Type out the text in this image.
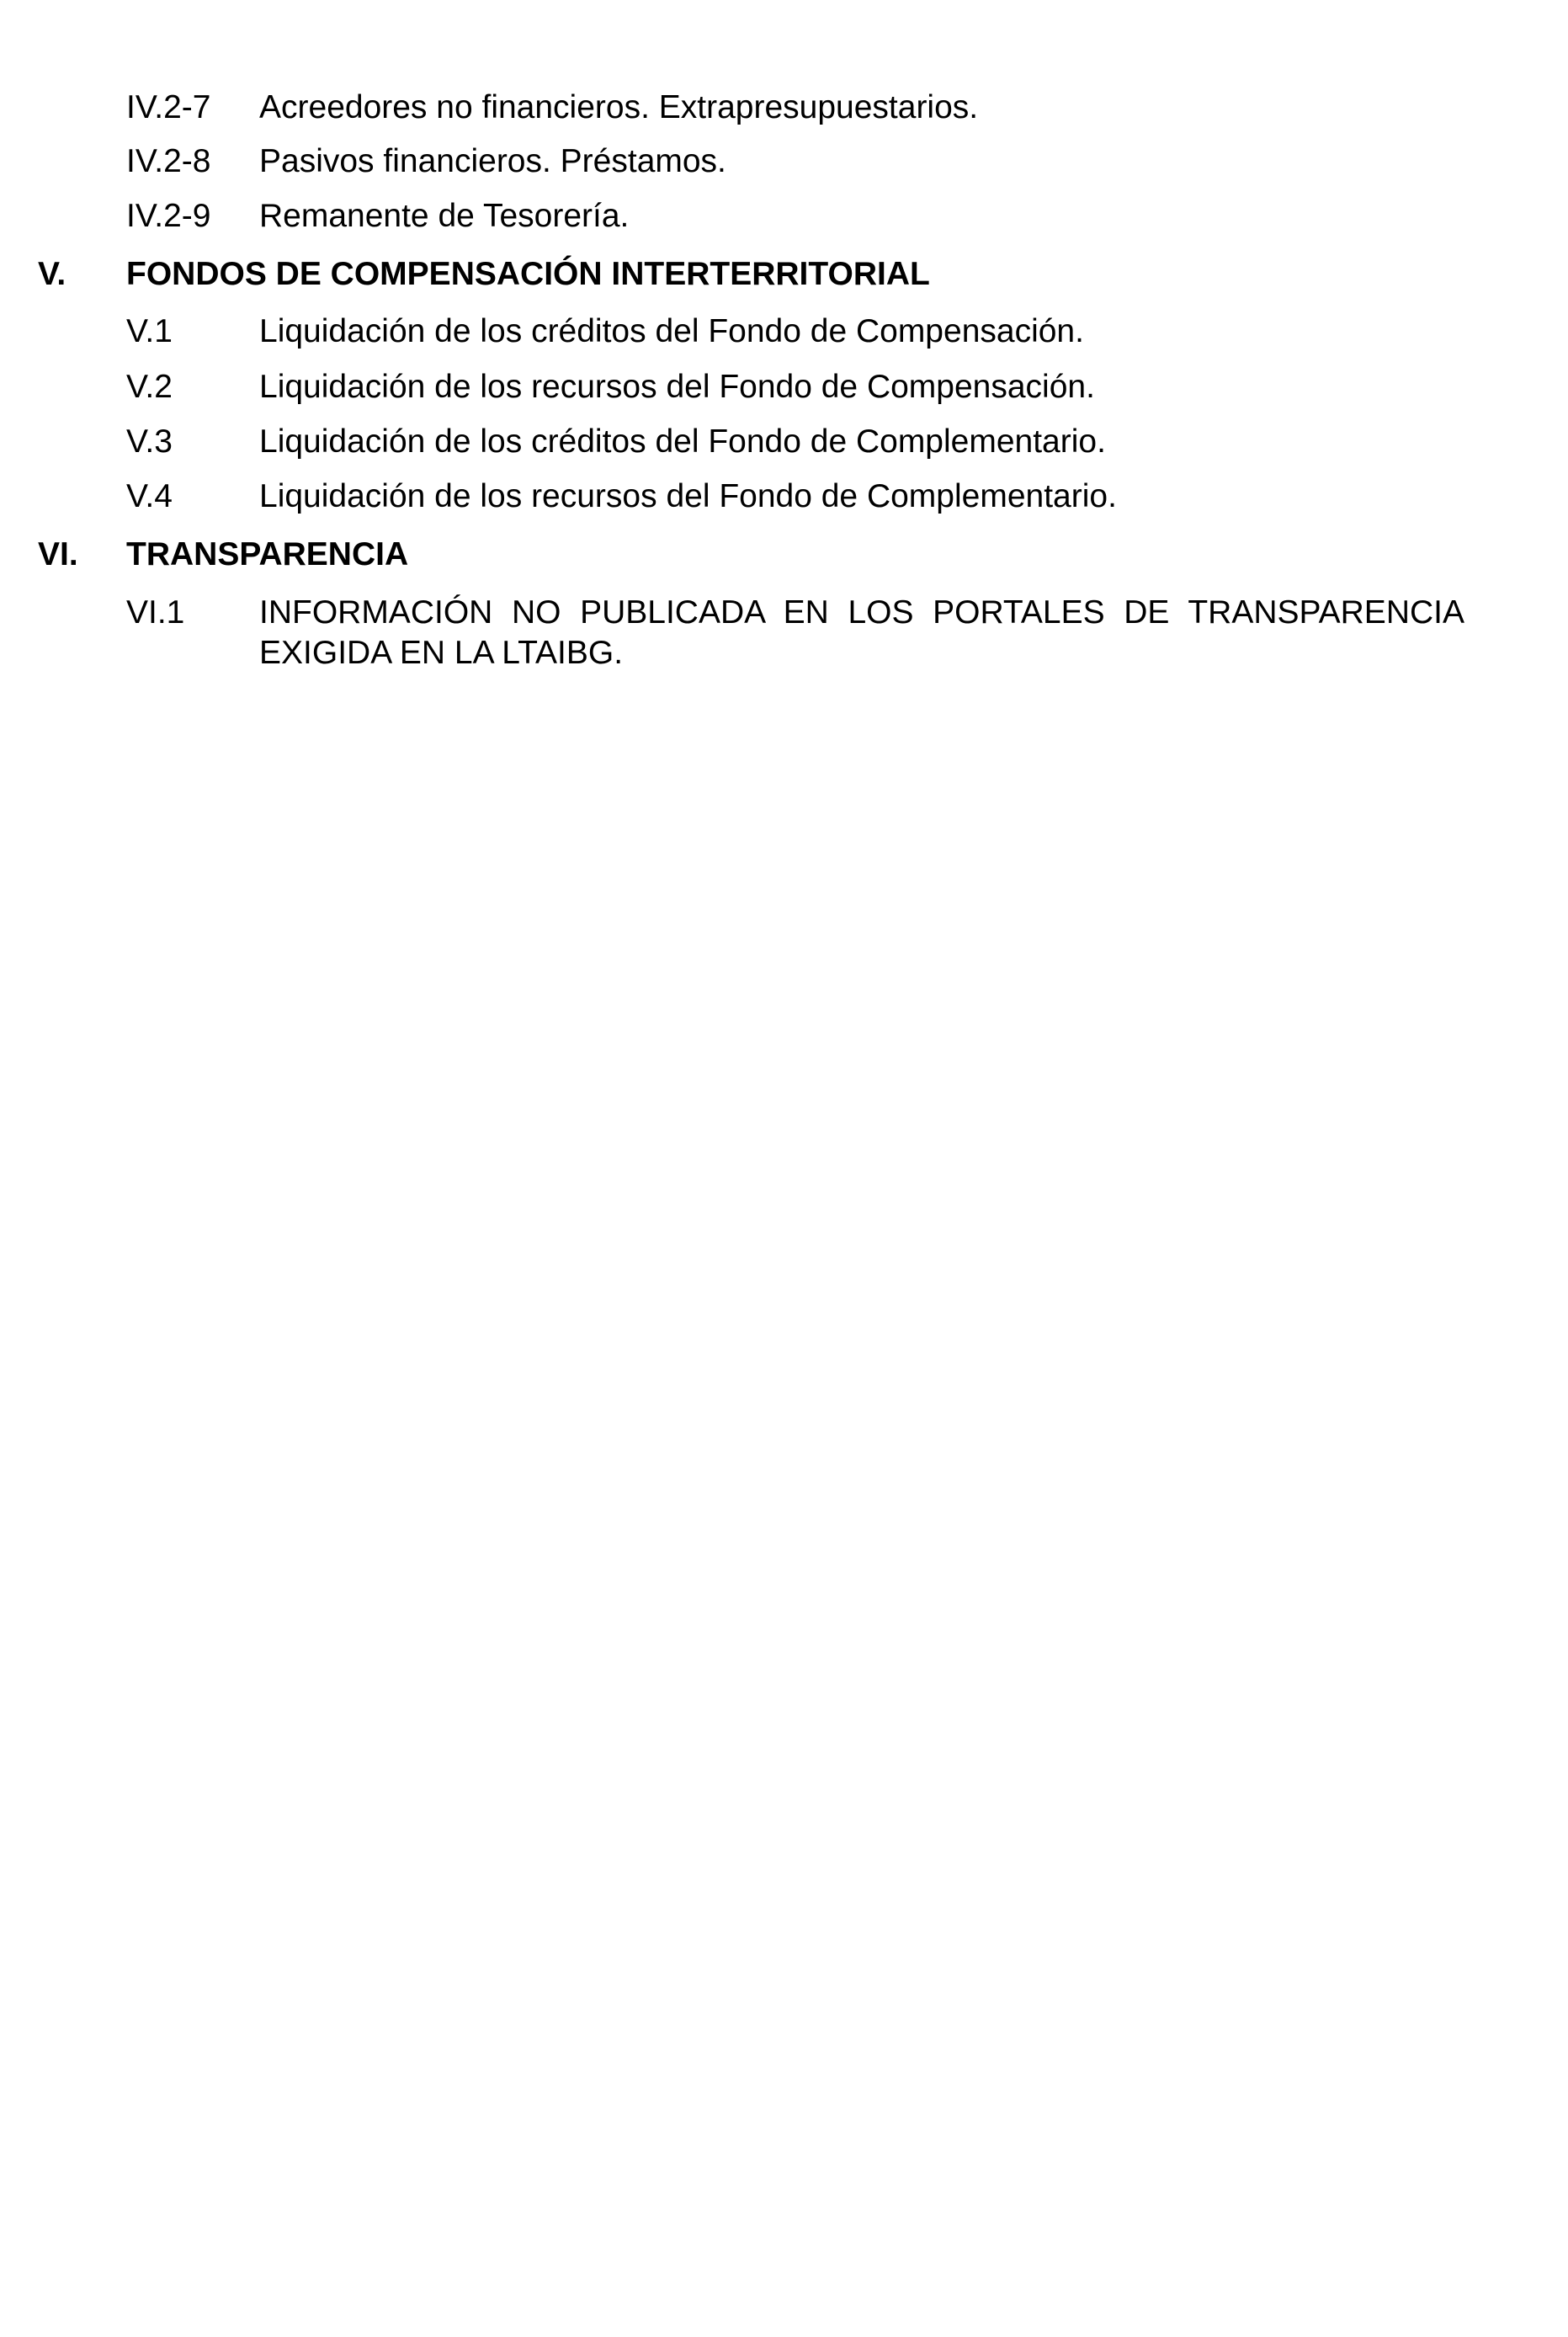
IV.2-7 Acreedores no financieros. Extrapresupuestarios.
IV.2-8 Pasivos financieros. Préstamos.
IV.2-9 Remanente de Tesorería.
V. FONDOS DE COMPENSACIÓN INTERTERRITORIAL
V.1	Liquidación de los créditos del Fondo de Compensación.
V.2	Liquidación de los recursos del Fondo de Compensación.
V.3	Liquidación de los créditos del Fondo de Complementario.
V.4	Liquidación de los recursos del Fondo de Complementario.
VI. TRANSPARENCIA
VI.1 INFORMACIÓN NO PUBLICADA EN LOS PORTALES DE TRANSPARENCIA EXIGIDA EN LA LTAIBG.
